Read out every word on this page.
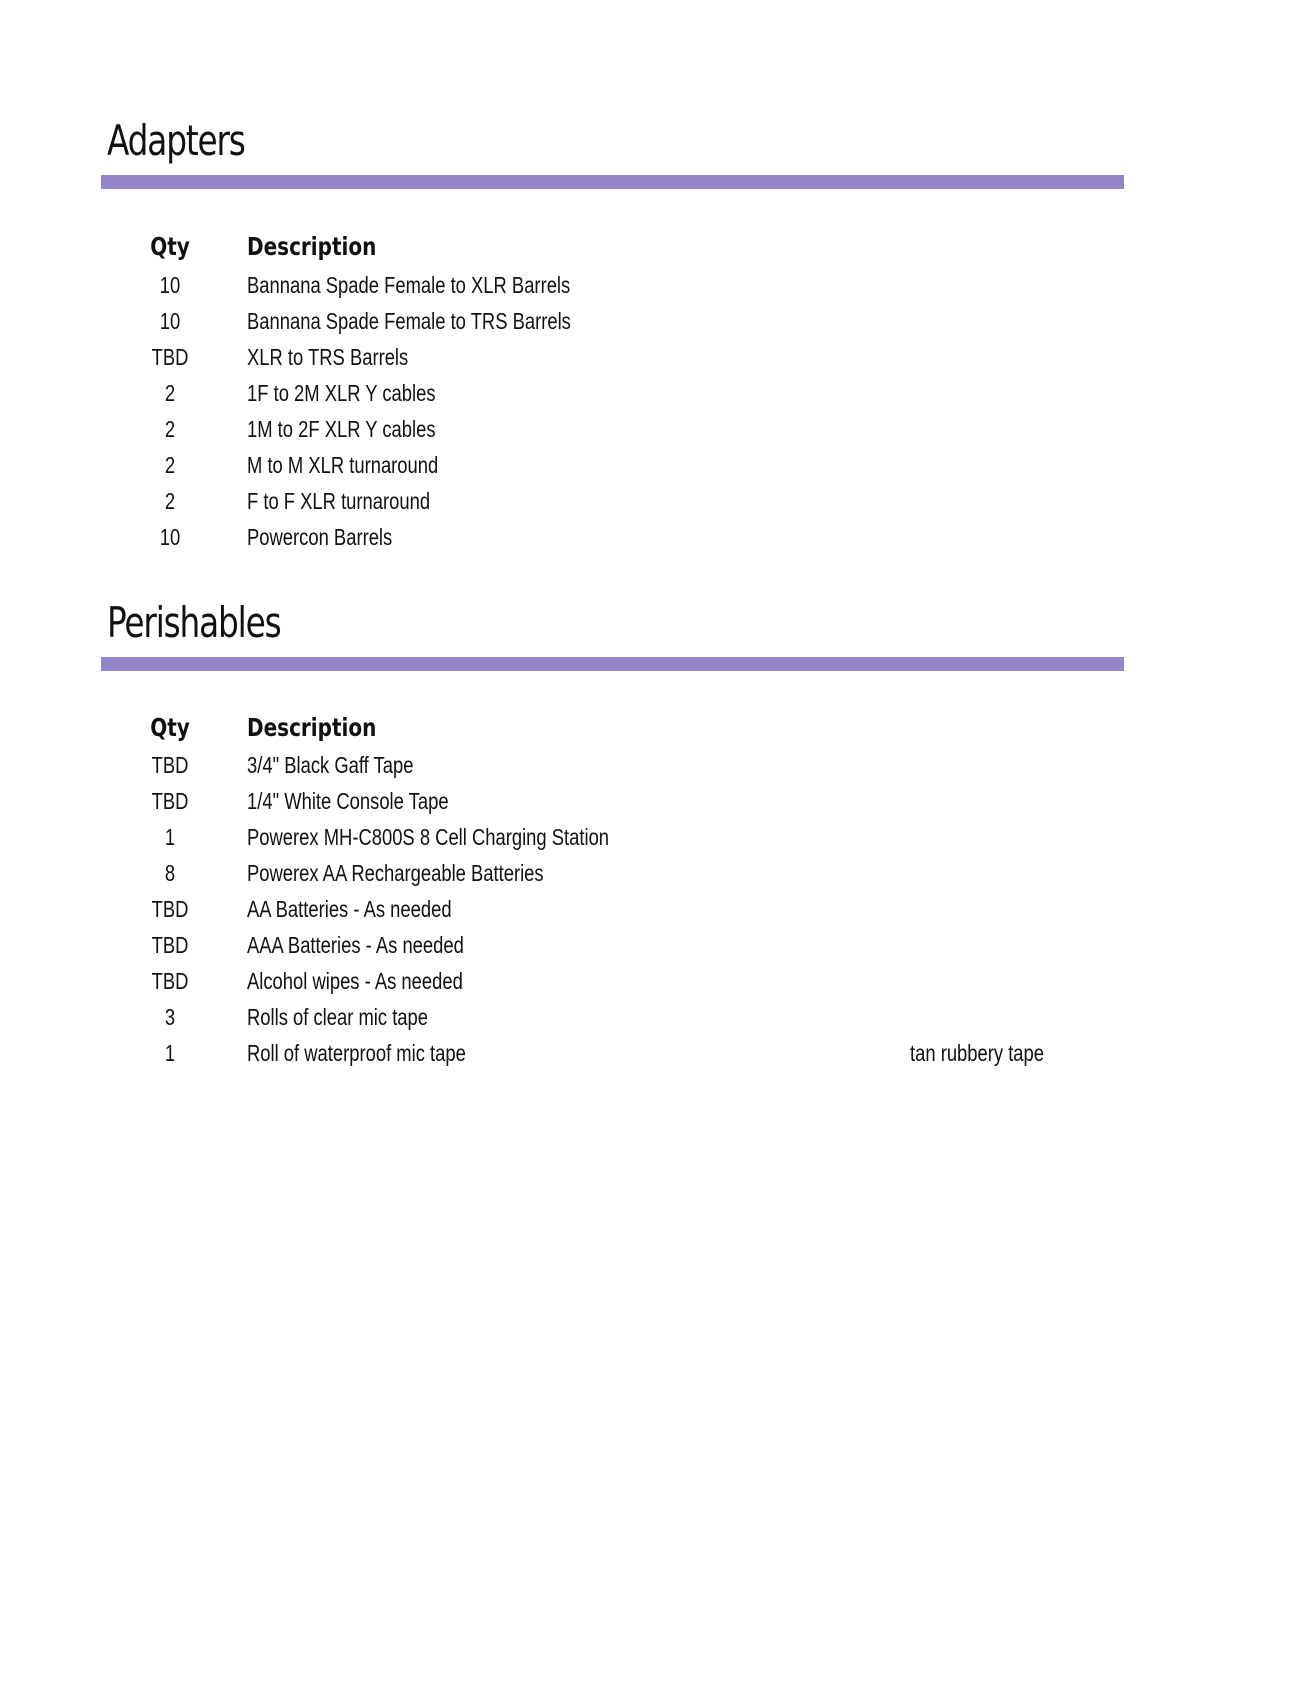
Adapters
Qty	Description
10	Bannana Spade Female to XLR Barrels
10	Bannana Spade Female to TRS Barrels
TBD	XLR to TRS Barrels
2	1F to 2M XLR Y cables
2	1M to 2F XLR Y cables
2	M to M XLR turnaround
2	F to F XLR turnaround
10	Powercon Barrels
Perishables
Qty	Description
TBD	3/4" Black Gaff Tape
TBD	1/4" White Console Tape
1	Powerex MH-C800S 8 Cell Charging Station
8	Powerex AA Rechargeable Batteries
TBD	AA Batteries - As needed
TBD	AAA Batteries - As needed
TBD	Alcohol wipes - As needed
3	Rolls of clear mic tape
1	Roll of waterproof mic tape	tan rubbery tape
